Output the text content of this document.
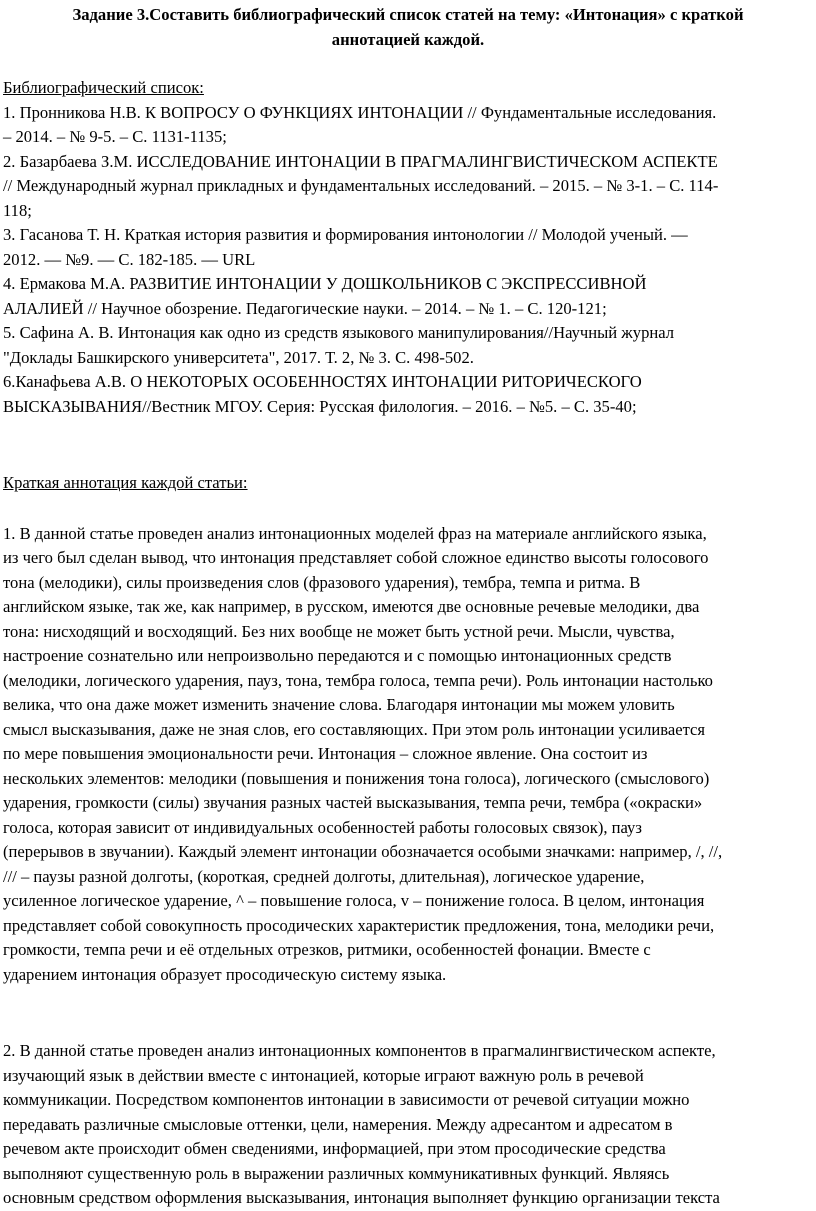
Задание 3.Составить библиографический список статей на тему: «Интонация» с краткой
аннотацией каждой.

Библиографический список:

1. Пронникова Н.В. К ВОПРОСУ О ФУНКЦИЯХ ИНТОНАЦИИ // Фундаментальные исследования.

– 2014. – № 9-5. – С. 1131-1135;

2. Базарбаева З.М. ИССЛЕДОВАНИЕ ИНТОНАЦИИ В ПРАГМАЛИНГВИСТИЧЕСКОМ АСПЕКТЕ

// Международный журнал прикладных и фундаментальных исследований. – 2015. – № 3-1. – С. 114-

118;

3. Гасанова Т. Н. Краткая история развития и формирования интонологии // Молодой ученый. —

2012. — №9. — С. 182-185. — URL

4. Ермакова М.А. РАЗВИТИЕ ИНТОНАЦИИ У ДОШКОЛЬНИКОВ С ЭКСПРЕССИВНОЙ

АЛАЛИЕЙ // Научное обозрение. Педагогические науки. – 2014. – № 1. – С. 120-121;

5. Сафина А. В. Интонация как одно из средств языкового манипулирования//Научный журнал

"Доклады Башкирского университета", 2017. Т. 2, № 3. С. 498-502.

6.Канафьева А.В. О НЕКОТОРЫХ ОСОБЕННОСТЯХ ИНТОНАЦИИ РИТОРИЧЕСКОГО

ВЫСКАЗЫВАНИЯ//Вестник МГОУ. Серия: Русская филология. – 2016. – №5. – С. 35-40;

Краткая аннотация каждой статьи:

1. В данной статье проведен анализ интонационных моделей фраз на материале английского языка,

из чего был сделан вывод, что интонация представляет собой сложное единство высоты голосового

тона (мелодики), силы произведения слов (фразового ударения), тембра, темпа и ритма. В

английском языке, так же, как например, в русском, имеются две основные речевые мелодики, два

тона: нисходящий и восходящий. Без них вообще не может быть устной речи. Мысли, чувства,

настроение сознательно или непроизвольно передаются и с помощью интонационных средств

(мелодики, логического ударения, пауз, тона, тембра голоса, темпа речи). Роль интонации настолько

велика, что она даже может изменить значение слова. Благодаря интонации мы можем уловить

смысл высказывания, даже не зная слов, его составляющих. При этом роль интонации усиливается

по мере повышения эмоциональности речи. Интонация – сложное явление. Она состоит из

нескольких элементов: мелодики (повышения и понижения тона голоса), логического (смыслового)

ударения, громкости (силы) звучания разных частей высказывания, темпа речи, тембра («окраски»

голоса, которая зависит от индивидуальных особенностей работы голосовых связок), пауз

(перерывов в звучании). Каждый элемент интонации обозначается особыми значками: например, /, //,

/// – паузы разной долготы, (короткая, средней долготы, длительная), логическое ударение,

усиленное логическое ударение, ^ – повышение голоса, v – понижение голоса. В целом, интонация

представляет собой совокупность просодических характеристик предложения, тона, мелодики речи,

громкости, темпа речи и её отдельных отрезков, ритмики, особенностей фонации. Вместе с

ударением интонация образует просодическую систему языка.

2. В данной статье проведен анализ интонационных компонентов в прагмалингвистическом аспекте,

изучающий язык в действии вместе с интонацией, которые играют важную роль в речевой

коммуникации. Посредством компонентов интонации в зависимости от речевой ситуации можно

передавать различные смысловые оттенки, цели, намерения. Между адресантом и адресатом в

речевом акте происходит обмен сведениями, информацией, при этом просодические средства

выполняют существенную роль в выражении различных коммуникативных функций. Являясь

основным средством оформления высказывания, интонация выполняет функцию организации текста
